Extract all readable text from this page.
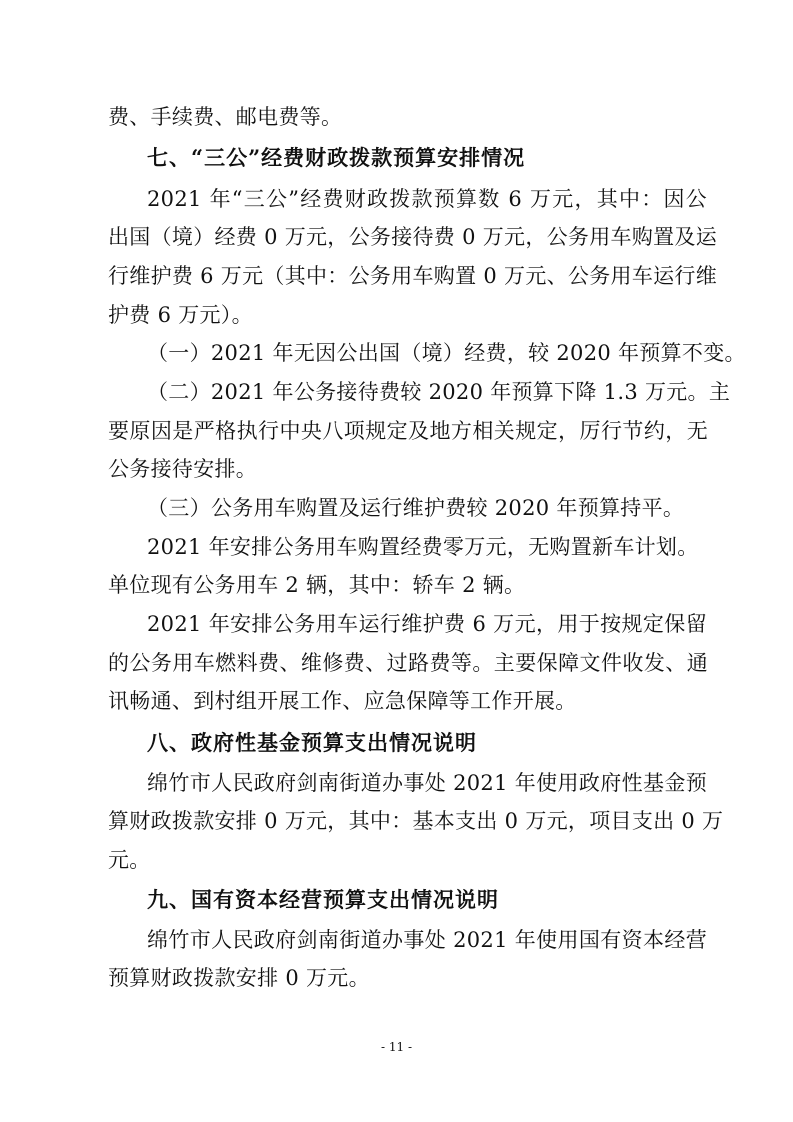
费、手续费、邮电费等。
七、“三公”经费财政拨款预算安排情况
2021 年“三公”经费财政拨款预算数 6 万元，其中：因公
出国（境）经费 0 万元，公务接待费 0 万元，公务用车购置及运
行维护费 6 万元（其中：公务用车购置 0 万元、公务用车运行维
护费 6 万元）。
（一）2021 年无因公出国（境）经费，较 2020 年预算不变。
（二）2021 年公务接待费较 2020 年预算下降 1.3 万元。主
要原因是严格执行中央八项规定及地方相关规定，厉行节约，无
公务接待安排。
（三）公务用车购置及运行维护费较 2020 年预算持平。
2021 年安排公务用车购置经费零万元，无购置新车计划。
单位现有公务用车 2 辆，其中：轿车 2 辆。
2021 年安排公务用车运行维护费 6 万元，用于按规定保留
的公务用车燃料费、维修费、过路费等。主要保障文件收发、通
讯畅通、到村组开展工作、应急保障等工作开展。
八、政府性基金预算支出情况说明
绵竹市人民政府剑南街道办事处 2021 年使用政府性基金预
算财政拨款安排 0 万元，其中：基本支出 0 万元，项目支出 0 万
元。
九、国有资本经营预算支出情况说明
绵竹市人民政府剑南街道办事处 2021 年使用国有资本经营
预算财政拨款安排 0 万元。
- 11 -
